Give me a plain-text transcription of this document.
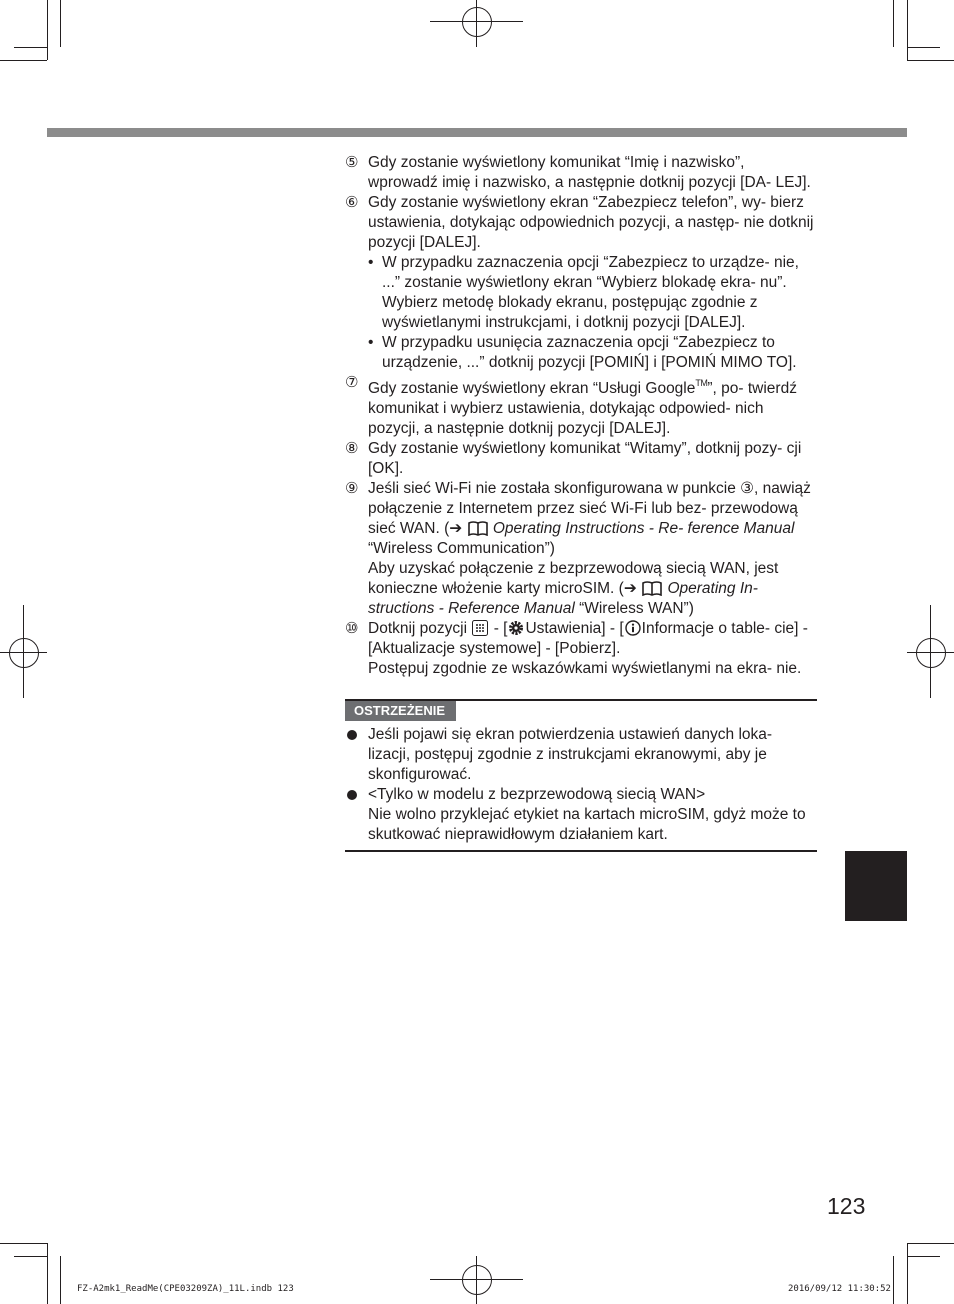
⑤ Gdy zostanie wyświetlony komunikat “Imię i nazwisko”, wprowadź imię i nazwisko, a następnie dotknij pozycji [DA- LEJ].
⑥ Gdy zostanie wyświetlony ekran “Zabezpiecz telefon”, wy- bierz ustawienia, dotykając odpowiednich pozycji, a następ- nie dotknij pozycji [DALEJ].
• W przypadku zaznaczenia opcji “Zabezpiecz to urządze- nie, ...” zostanie wyświetlony ekran “Wybierz blokadę ekra- nu”. Wybierz metodę blokady ekranu, postępując zgodnie z wyświetlanymi instrukcjami, i dotknij pozycji [DALEJ].
• W przypadku usunięcia zaznaczenia opcji “Zabezpiecz to urządzenie, ...” dotknij pozycji [POMIŃ] i [POMIŃ MIMO TO].
⑦ Gdy zostanie wyświetlony ekran “Usługi Google™”, po- twierdź komunikat i wybierz ustawienia, dotykając odpowied- nich pozycji, a następnie dotknij pozycji [DALEJ].
⑧ Gdy zostanie wyświetlony komunikat “Witamy”, dotknij pozy- cji [OK].
⑨ Jeśli sieć Wi-Fi nie została skonfigurowana w punkcie ③, nawiąż połączenie z Internetem przez sieć Wi-Fi lub bez- przewodową sieć WAN. (➔ Operating Instructions - Re- ference Manual “Wireless Communication”)
Aby uzyskać połączenie z bezprzewodową siecią WAN, jest konieczne włożenie karty microSIM. (➔ Operating In- structions - Reference Manual “Wireless WAN”)
⑩ Dotknij pozycji - [ Ustawienia] - [ Informacje o table- cie] - [Aktualizacje systemowe] - [Pobierz].
Postępuj zgodnie ze wskazówkami wyświetlanymi na ekra- nie.
OSTRZEŻENIE
Jeśli pojawi się ekran potwierdzenia ustawień danych loka- lizacji, postępuj zgodnie z instrukcjami ekranowymi, aby je skonfigurować.
<Tylko w modelu z bezprzewodową siecią WAN>
Nie wolno przyklejać etykiet na kartach microSIM, gdyż może to skutkować nieprawidłowym działaniem kart.
123
FZ-A2mk1_ReadMe(CPE03209ZA)_11L.indb 123	2016/09/12 11:30:52
